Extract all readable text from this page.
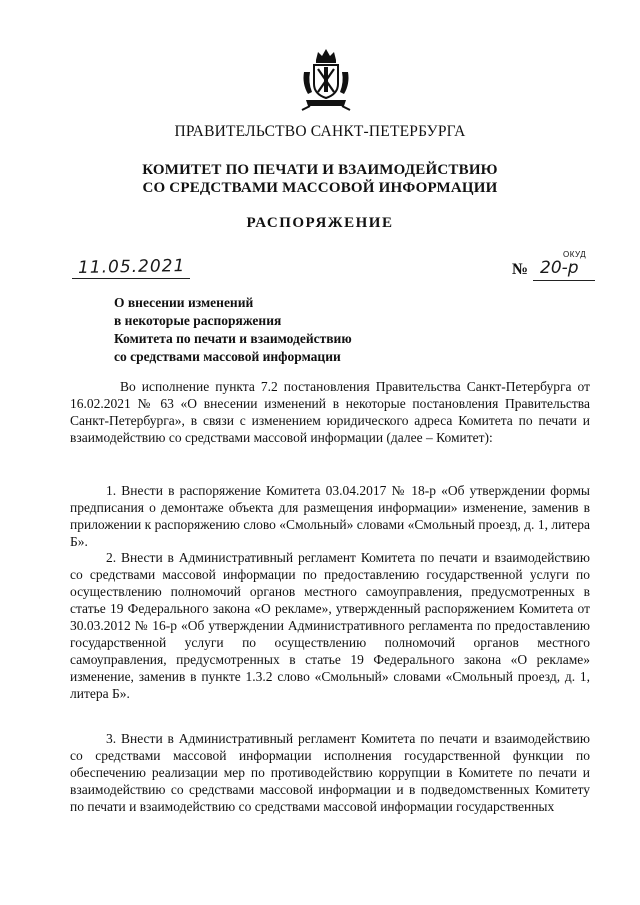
ПРАВИТЕЛЬСТВО САНКТ-ПЕТЕРБУРГА
КОМИТЕТ ПО ПЕЧАТИ И ВЗАИМОДЕЙСТВИЮ
СО СРЕДСТВАМИ МАССОВОЙ ИНФОРМАЦИИ
РАСПОРЯЖЕНИЕ
ОКУД
11.05.2021	№ 20-р
О внесении изменений
в некоторые распоряжения
Комитета по печати и взаимодействию
со средствами массовой информации

Во исполнение пункта 7.2 постановления Правительства Санкт-Петербурга от 16.02.2021 № 63 «О внесении изменений в некоторые постановления Правительства Санкт-Петербурга», в связи с изменением юридического адреса Комитета по печати и взаимодействию со средствами массовой информации (далее – Комитет):

1. Внести в распоряжение Комитета 03.04.2017 № 18-р «Об утверждении формы предписания о демонтаже объекта для размещения информации» изменение, заменив в приложении к распоряжению слово «Смольный» словами «Смольный проезд, д. 1, литера Б».

2. Внести в Административный регламент Комитета по печати и взаимодействию со средствами массовой информации по предоставлению государственной услуги по осуществлению полномочий органов местного самоуправления, предусмотренных в статье 19 Федерального закона «О рекламе», утвержденный распоряжением Комитета от 30.03.2012 № 16-р «Об утверждении Административного регламента по предоставлению государственной услуги по осуществлению полномочий органов местного самоуправления, предусмотренных в статье 19 Федерального закона «О рекламе» изменение, заменив в пункте 1.3.2 слово «Смольный» словами «Смольный проезд, д. 1, литера Б».

3. Внести в Административный регламент Комитета по печати и взаимодействию со средствами массовой информации исполнения государственной функции по обеспечению реализации мер по противодействию коррупции в Комитете по печати и взаимодействию со средствами массовой информации и в подведомственных Комитету по печати и взаимодействию со средствами массовой информации государственных
